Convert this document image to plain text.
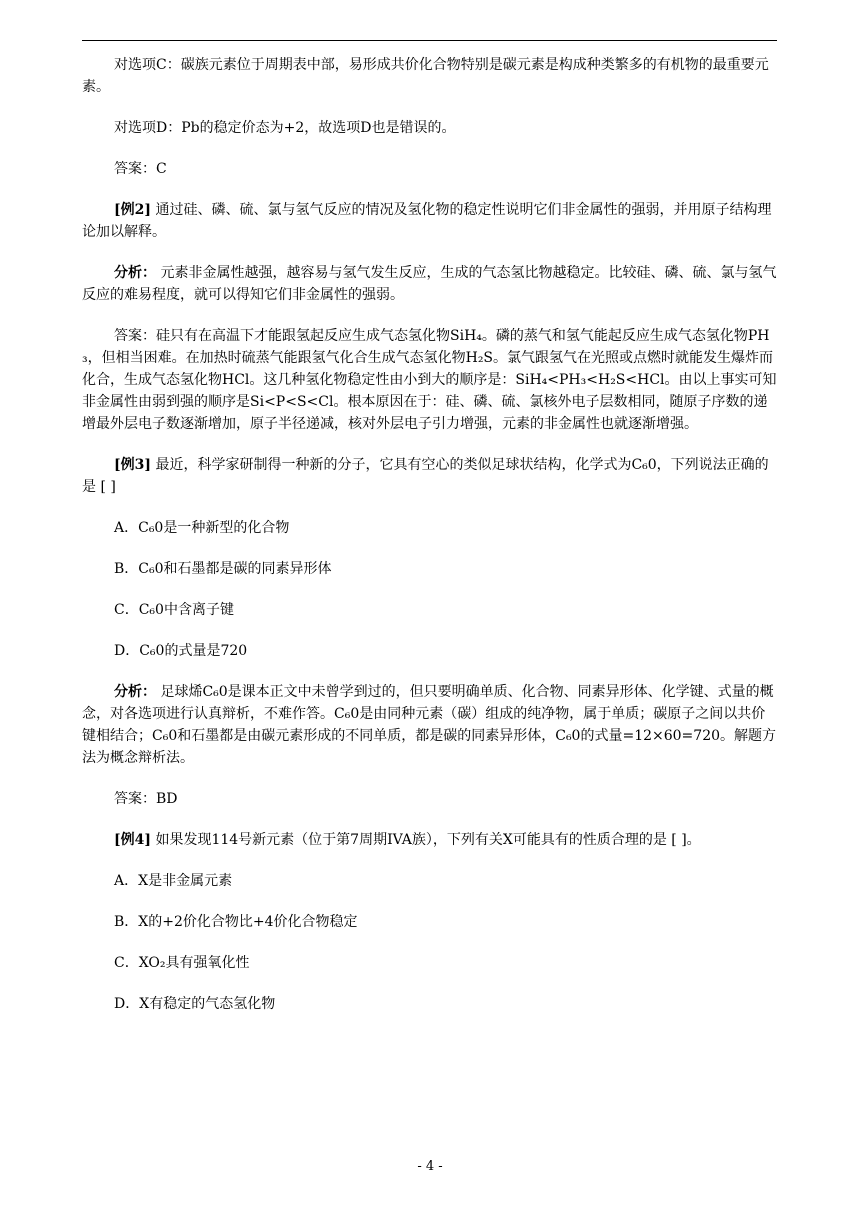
对选项C：碳族元素位于周期表中部，易形成共价化合物特别是碳元素是构成种类繁多的有机物的最重要元素。

对选项D：Pb的稳定价态为+2，故选项D也是错误的。

答案：C

[例2] 通过硅、磷、硫、氯与氢气反应的情况及氢化物的稳定性说明它们非金属性的强弱，并用原子结构理论加以解释。

分析： 元素非金属性越强，越容易与氢气发生反应，生成的气态氢比物越稳定。比较硅、磷、硫、氯与氢气反应的难易程度，就可以得知它们非金属性的强弱。

答案：硅只有在高温下才能跟氢起反应生成气态氢化物SiH₄。磷的蒸气和氢气能起反应生成气态氢化物PH₃，但相当困难。在加热时硫蒸气能跟氢气化合生成气态氢化物H₂S。氯气跟氢气在光照或点燃时就能发生爆炸而化合，生成气态氢化物HCl。这几种氢化物稳定性由小到大的顺序是：SiH₄<PH₃<H₂S<HCl。由以上事实可知非金属性由弱到强的顺序是Si<P<S<Cl。根本原因在于：硅、磷、硫、氯核外电子层数相同，随原子序数的递增最外层电子数逐渐增加，原子半径递减，核对外层电子引力增强，元素的非金属性也就逐渐增强。

[例3] 最近，科学家研制得一种新的分子，它具有空心的类似足球状结构，化学式为C₆0，下列说法正确的是 [ ]

A．C₆0是一种新型的化合物

B．C₆0和石墨都是碳的同素异形体

C．C₆0中含离子键

D．C₆0的式量是720

分析： 足球烯C₆0是课本正文中未曾学到过的，但只要明确单质、化合物、同素异形体、化学键、式量的概念，对各选项进行认真辩析，不难作答。C₆0是由同种元素（碳）组成的纯净物，属于单质；碳原子之间以共价键相结合；C₆0和石墨都是由碳元素形成的不同单质，都是碳的同素异形体，C₆0的式量=12×60=720。解题方法为概念辩析法。

答案：BD

[例4] 如果发现114号新元素（位于第7周期IVA族），下列有关X可能具有的性质合理的是 [ ]。

A．X是非金属元素

B．X的+2价化合物比+4价化合物稳定

C．XO₂具有强氧化性

D．X有稳定的气态氢化物

- 4 -
